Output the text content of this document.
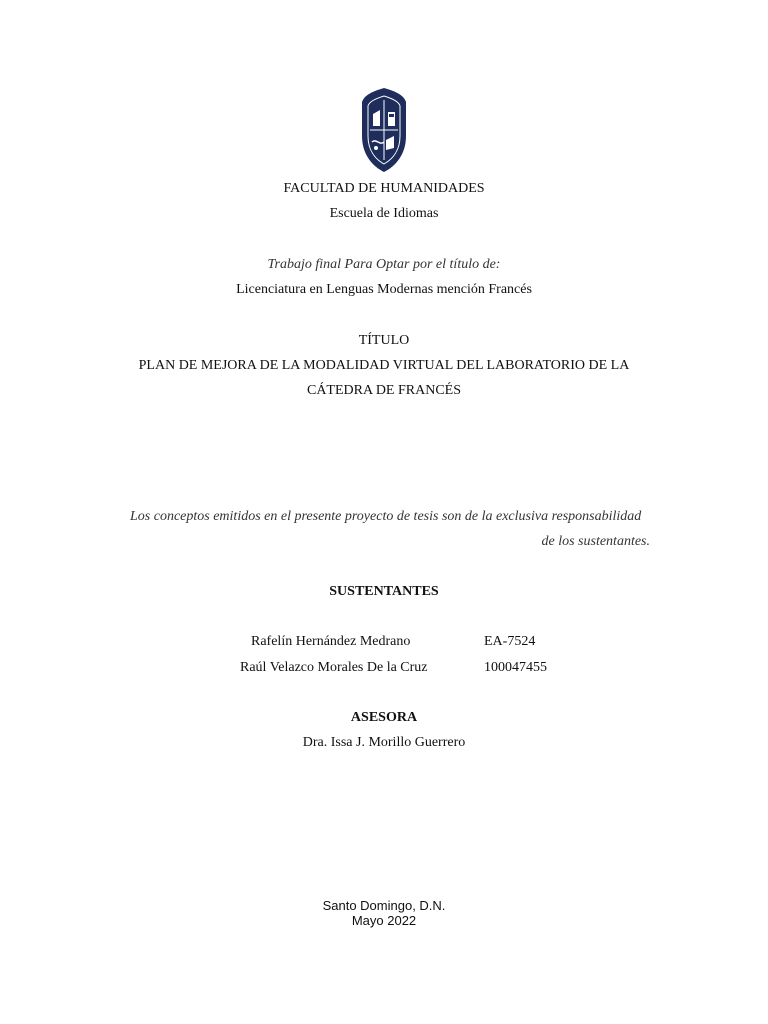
FACULTAD DE HUMANIDADES
Escuela de Idiomas
Trabajo final Para Optar por el título de:
Licenciatura en Lenguas Modernas mención Francés
TÍTULO
PLAN DE MEJORA DE LA MODALIDAD VIRTUAL DEL LABORATORIO DE LA
CÁTEDRA DE FRANCÉS
Los conceptos emitidos en el presente proyecto de tesis son de la exclusiva responsabilidad
de los sustentantes.
SUSTENTANTES
Rafelín Hernández Medrano	EA-7524
Raúl Velazco Morales De la Cruz	100047455
ASESORA
Dra. Issa J. Morillo Guerrero
Santo Domingo, D.N.
Mayo 2022
